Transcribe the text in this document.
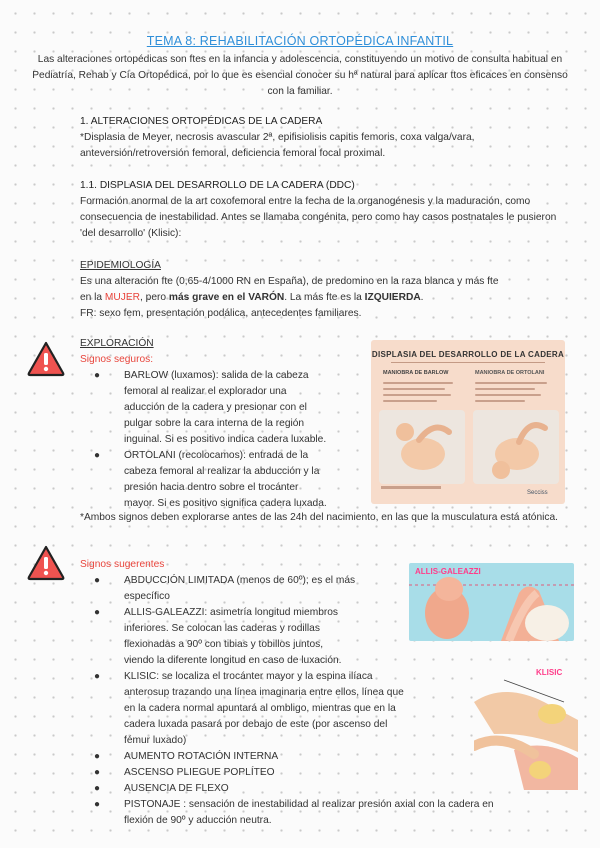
TEMA 8: REHABILITACIÓN ORTOPÉDICA INFANTIL
Las alteraciones ortopédicas son ftes en la infancia y adolescencia, constituyendo un motivo de consulta habitual en Pediatría, Rehab y Cía Ortopédica, por lo que es esencial conocer su hª natural para aplicar ttos eficaces en consenso con la familiar.
1. ALTERACIONES ORTOPÉDICAS DE LA CADERA
*Displasia de Meyer, necrosis avascular 2ª, epifisiolisis capitis femoris, coxa valga/vara, anteversión/retroversión femoral, deficiencia femoral focal proximal.
1.1. DISPLASIA DEL DESARROLLO DE LA CADERA (DDC)
Formación anormal de la art coxofemoral entre la fecha de la organogénesis y la maduración, como consecuencia de inestabilidad. Antes se llamaba congénita, pero como hay casos postnatales le pusieron 'del desarrollo' (Klisic):
EPIDEMIOLOGÍA
Es una alteración fte (0,65-4/1000 RN en España), de predomino en la raza blanca y más fte
en la MUJER, pero más grave en el VARÓN. La más fte es la IZQUIERDA.
FR: sexo fem, presentación podálica, antecedentes familiares.
EXPLORACIÓN
Signos seguros:
●	BARLOW (luxamos): salida de la cabeza
femoral al realizar el explorador una
aducción de la cadera y presionar con el
pulgar sobre la cara interna de la región
inguinal. Si es positivo indica cadera luxable.
●	ORTOLANI (recolocamos): entrada de la
cabeza femoral al realizar la abducción y la
presión hacia dentro sobre el trocánter
mayor. Si es positivo significa cadera luxada.
DISPLASIA DEL DESARROLLO DE LA CADERA
MANIOBRA DE BARLOW	MANIOBRA DE ORTOLANI
Secciss
*Ambos signos deben explorarse antes de las 24h del nacimiento, en las que la musculatura está atónica.
Signos sugerentes
●	ABDUCCIÓN LIMITADA (menos de 60º); es el más
específico
●	ALLIS-GALEAZZI: asimetría longitud miembros
inferiores. Se colocan las caderas y rodillas
flexionadas a 90º con tibias y tobillos juntos,
viendo la diferente longitud en caso de luxación.
●	KLISIC: se localiza el trocánter mayor y la espina ilíaca
anterosup trazando una línea imaginaria entre ellos, línea que
en la cadera normal apuntará al ombligo, mientras que en la
cadera luxada pasará por debajo de este (por ascenso del
fémur luxado)
●	AUMENTO ROTACIÓN INTERNA
●	ASCENSO PLIEGUE POPLÍTEO
●	AUSENCIA DE FLEXO
●	PISTONAJE : sensación de inestabilidad al realizar presión axial con la cadera en
flexión de 90º y aducción neutra.
ALLIS-GALEAZZI
KLISIC
